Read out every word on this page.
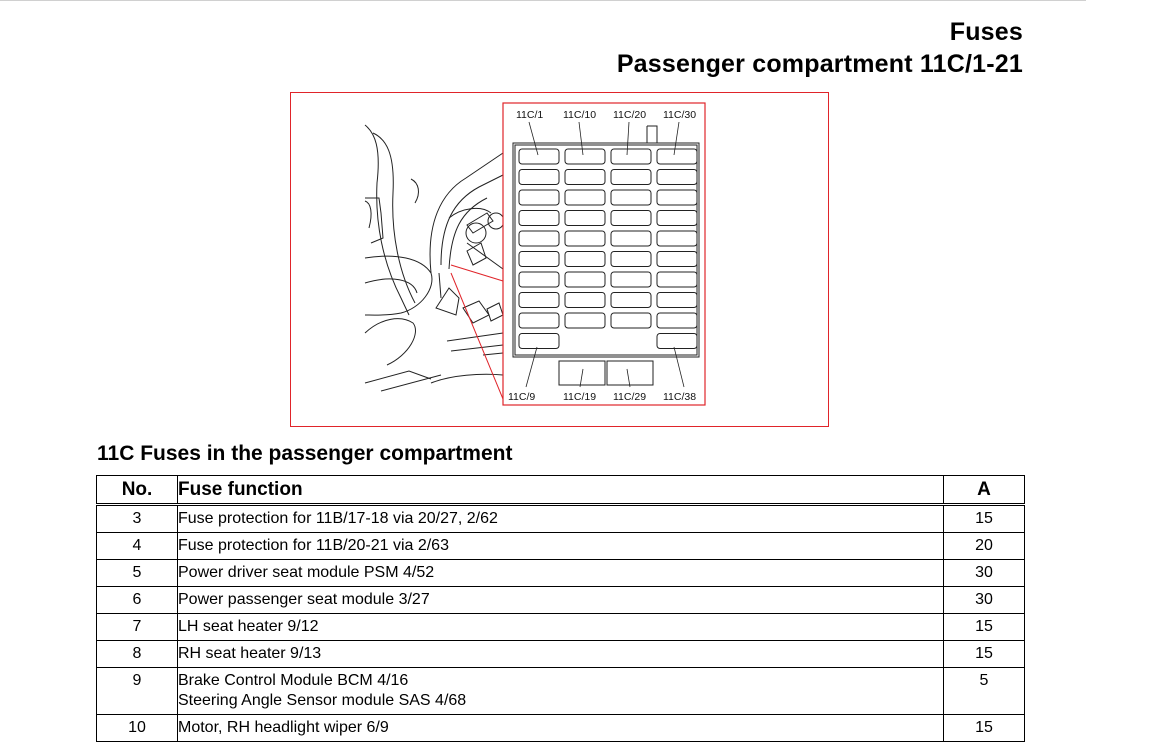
Fuses
Passenger compartment 11C/1-21
11C/1 11C/10 11C/20 11C/30
11C/9	11C/19 11C/29 11C/38
11C Fuses in the passenger compartment
No.	Fuse function	A
3	Fuse protection for 11B/17-18 via 20/27, 2/62	15
4	Fuse protection for 11B/20-21 via 2/63	20
5	Power driver seat module PSM 4/52	30
6	Power passenger seat module 3/27	30
7	LH seat heater 9/12	15
8	RH seat heater 9/13	15
9	Brake Control Module BCM 4/16
Steering Angle Sensor module SAS 4/68	5
10	Motor, RH headlight wiper 6/9	15
